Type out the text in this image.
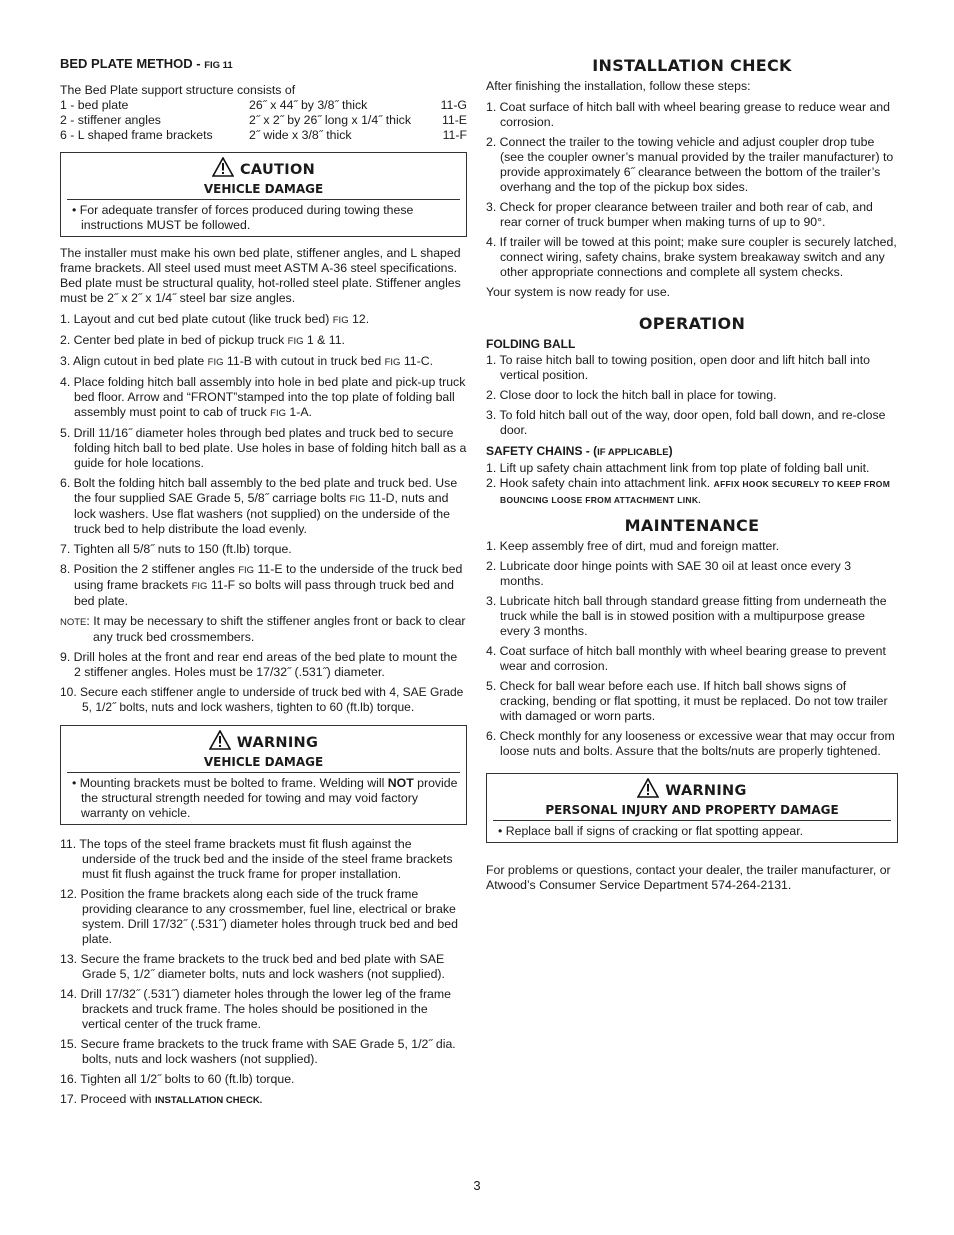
BED PLATE METHOD - FIG 11

The Bed Plate support structure consists of

1 - bed plate	26˝ x 44˝ by 3/8˝ thick	11-G
2 - stiffener angles	2˝ x 2˝ by 26˝ long x 1/4˝ thick	11-E
6 - L shaped frame brackets	2˝ wide x 3/8˝ thick	11-F
CAUTION
VEHICLE DAMAGE
• For adequate transfer of forces produced during towing these instructions MUST be followed.

The installer must make his own bed plate, stiffener angles, and L shaped frame brackets. All steel used must meet ASTM A-36 steel specifications. Bed plate must be structural quality, hot-rolled steel plate. Stiffener angles must be 2˝ x 2˝ x 1/4˝ steel bar size angles.

1. Layout and cut bed plate cutout (like truck bed) FIG 12.
2. Center bed plate in bed of pickup truck FIG 1 & 11.
3. Align cutout in bed plate FIG 11-B with cutout in truck bed FIG 11-C.
4. Place folding hitch ball assembly into hole in bed plate and pick-up truck bed floor. Arrow and “FRONT”stamped into the top plate of folding ball assembly must point to cab of truck FIG 1-A.
5. Drill 11/16˝ diameter holes through bed plates and truck bed to secure folding hitch ball to bed plate. Use holes in base of folding hitch ball as a guide for hole locations.
6. Bolt the folding hitch ball assembly to the bed plate and truck bed. Use the four supplied SAE Grade 5, 5/8˝ carriage bolts FIG 11-D, nuts and lock washers. Use flat washers (not supplied) on the underside of the truck bed to help distribute the load evenly.
7. Tighten all 5/8˝ nuts to 150 (ft.lb) torque.
8. Position the 2 stiffener angles FIG 11-E to the underside of the truck bed using frame brackets FIG 11-F so bolts will pass through truck bed and bed plate.
NOTE: It may be necessary to shift the stiffener angles front or back to clear any truck bed crossmembers.
9. Drill holes at the front and rear end areas of the bed plate to mount the 2 stiffener angles. Holes must be 17/32˝ (.531˝) diameter.
10. Secure each stiffener angle to underside of truck bed with 4, SAE Grade 5, 1/2˝ bolts, nuts and lock washers, tighten to 60 (ft.lb) torque.
WARNING
VEHICLE DAMAGE
• Mounting brackets must be bolted to frame. Welding will NOT provide the structural strength needed for towing and may void factory warranty on vehicle.
11. The tops of the steel frame brackets must fit flush against the underside of the truck bed and the inside of the steel frame brackets must fit flush against the truck frame for proper installation.
12. Position the frame brackets along each side of the truck frame providing clearance to any crossmember, fuel line, electrical or brake system. Drill 17/32˝ (.531˝) diameter holes through truck bed and bed plate.
13. Secure the frame brackets to the truck bed and bed plate with SAE Grade 5, 1/2˝ diameter bolts, nuts and lock washers (not supplied).
14. Drill 17/32˝ (.531˝) diameter holes through the lower leg of the frame brackets and truck frame. The holes should be positioned in the vertical center of the truck frame.
15. Secure frame brackets to the truck frame with SAE Grade 5, 1/2˝ dia. bolts, nuts and lock washers (not supplied).
16. Tighten all 1/2˝ bolts to 60 (ft.lb) torque.
17. Proceed with INSTALLATION CHECK.
INSTALLATION CHECK

After finishing the installation, follow these steps:

1. Coat surface of hitch ball with wheel bearing grease to reduce wear and corrosion.
2. Connect the trailer to the towing vehicle and adjust coupler drop tube (see the coupler owner’s manual provided by the trailer manufacturer) to provide approximately 6˝ clearance between the bottom of the trailer’s overhang and the top of the pickup box sides.
3. Check for proper clearance between trailer and both rear of cab, and rear corner of truck bumper when making turns of up to 90°.
4. If trailer will be towed at this point; make sure coupler is securely latched, connect wiring, safety chains, brake system breakaway switch and any other appropriate connections and complete all system checks.

Your system is now ready for use.

OPERATION
FOLDING BALL
1. To raise hitch ball to towing position, open door and lift hitch ball into vertical position.
2. Close door to lock the hitch ball in place for towing.
3. To fold hitch ball out of the way, door open, fold ball down, and re-close door.
SAFETY CHAINS - (IF APPLICABLE)
1. Lift up safety chain attachment link from top plate of folding ball unit.
2. Hook safety chain into attachment link. AFFIX HOOK SECURELY TO KEEP FROM BOUNCING LOOSE FROM ATTACHMENT LINK.
MAINTENANCE
1. Keep assembly free of dirt, mud and foreign matter.
2. Lubricate door hinge points with SAE 30 oil at least once every 3 months.
3. Lubricate hitch ball through standard grease fitting from underneath the truck while the ball is in stowed position with a multipurpose grease every 3 months.
4. Coat surface of hitch ball monthly with wheel bearing grease to prevent wear and corrosion.
5. Check for ball wear before each use. If hitch ball shows signs of cracking, bending or flat spotting, it must be replaced. Do not tow trailer with damaged or worn parts.
6. Check monthly for any looseness or excessive wear that may occur from loose nuts and bolts. Assure that the bolts/nuts are properly tightened.
WARNING
PERSONAL INJURY AND PROPERTY DAMAGE
• Replace ball if signs of cracking or flat spotting appear.

For problems or questions, contact your dealer, the trailer manufacturer, or Atwood’s Consumer Service Department 574-264-2131.

3
